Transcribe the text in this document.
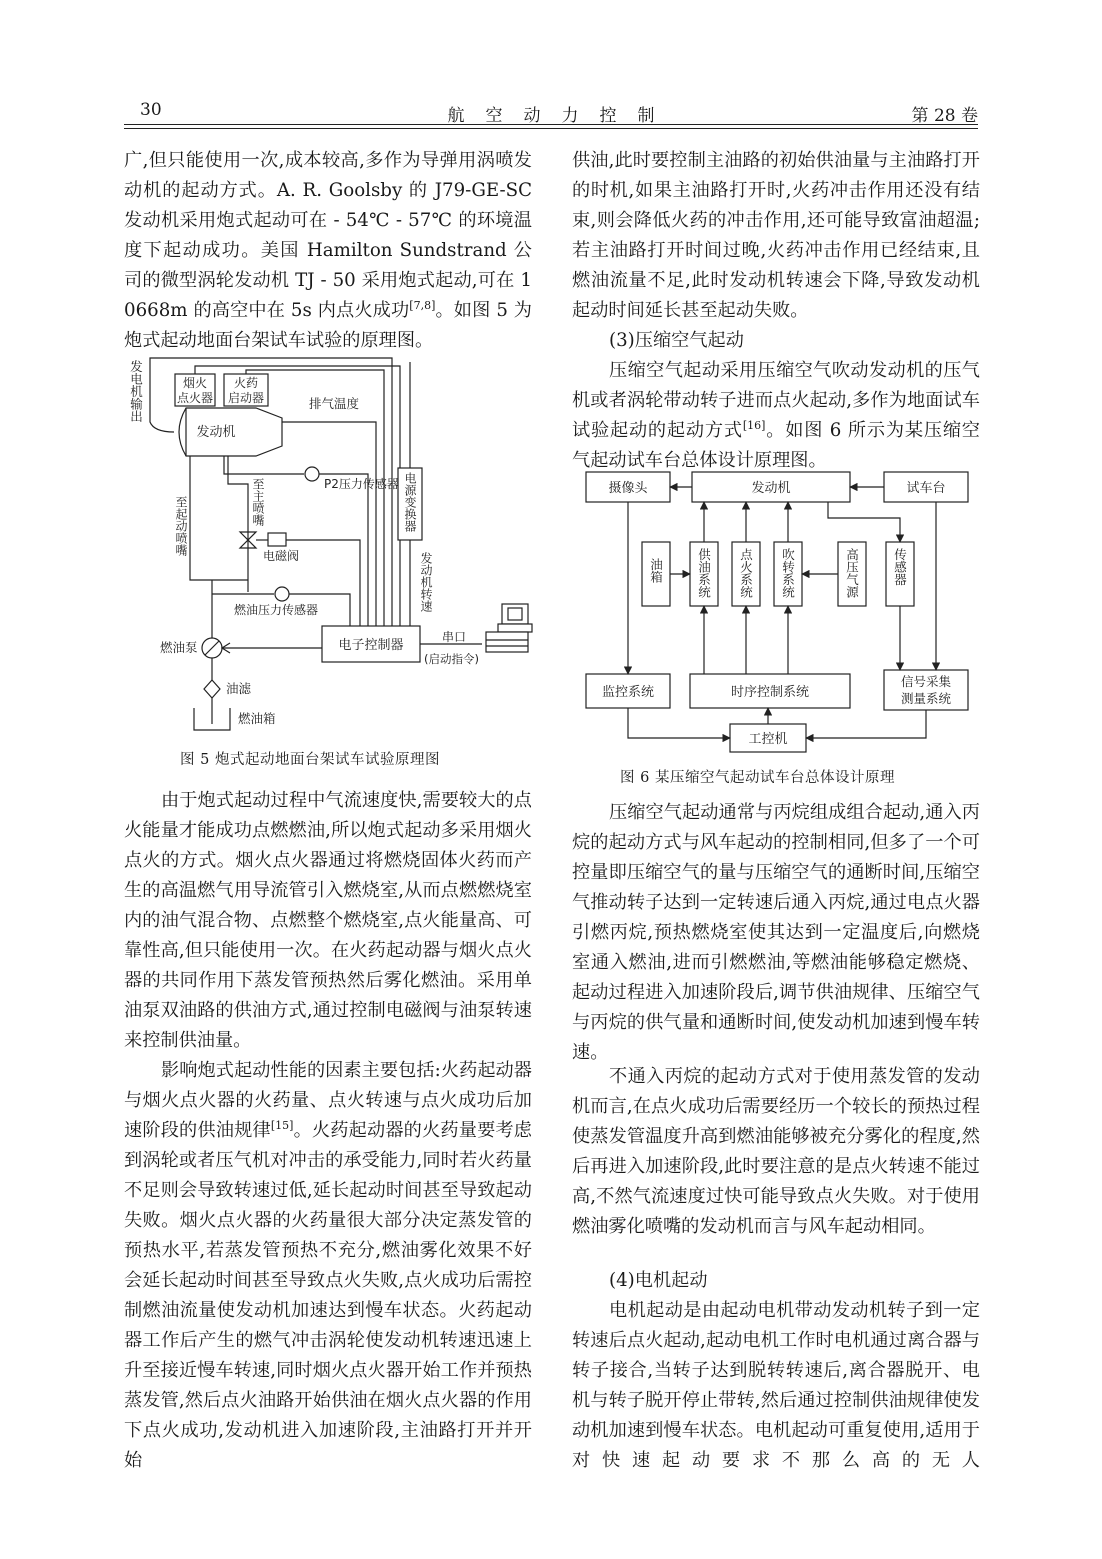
30	航空动力控制	第 28 卷

广,但只能使用一次,成本较高,多作为导弹用涡喷发动机的起动方式。A. R. Goolsby 的 J79-GE-SC 发动机采用炮式起动可在 - 54℃ - 57℃ 的环境温度下起动成功。美国 Hamilton Sundstrand 公司的微型涡轮发动机 TJ - 50 采用炮式起动,可在 10668m 的高空中在 5s 内点火成功[7,8]。如图 5 为炮式起动地面台架试车试验的原理图。

发电机输出	烟火
点火器
火药
启动器
发动机
排气温度
电源变换器
P2压力传感器
至主喷嘴
电磁阀
至起动喷嘴
发动机转速
燃油压力传感器
电子控制器
燃油泵
油滤
燃油箱
串口
(启动指令)
图 5 炮式起动地面台架试车试验原理图

由于炮式起动过程中气流速度快,需要较大的点火能量才能成功点燃燃油,所以炮式起动多采用烟火点火的方式。烟火点火器通过将燃烧固体火药而产生的高温燃气用导流管引入燃烧室,从而点燃燃烧室内的油气混合物、点燃整个燃烧室,点火能量高、可靠性高,但只能使用一次。在火药起动器与烟火点火器的共同作用下蒸发管预热然后雾化燃油。采用单油泵双油路的供油方式,通过控制电磁阀与油泵转速来控制供油量。

影响炮式起动性能的因素主要包括:火药起动器与烟火点火器的火药量、点火转速与点火成功后加速阶段的供油规律[15]。火药起动器的火药量要考虑到涡轮或者压气机对冲击的承受能力,同时若火药量不足则会导致转速过低,延长起动时间甚至导致起动失败。烟火点火器的火药量很大部分决定蒸发管的预热水平,若蒸发管预热不充分,燃油雾化效果不好会延长起动时间甚至导致点火失败,点火成功后需控制燃油流量使发动机加速达到慢车状态。火药起动器工作后产生的燃气冲击涡轮使发动机转速迅速上升至接近慢车转速,同时烟火点火器开始工作并预热蒸发管,然后点火油路开始供油在烟火点火器的作用下点火成功,发动机进入加速阶段,主油路打开并开始

供油,此时要控制主油路的初始供油量与主油路打开的时机,如果主油路打开时,火药冲击作用还没有结束,则会降低火药的冲击作用,还可能导致富油超温;若主油路打开时间过晚,火药冲击作用已经结束,且燃油流量不足,此时发动机转速会下降,导致发动机起动时间延长甚至起动失败。

(3)压缩空气起动

压缩空气起动采用压缩空气吹动发动机的压气机或者涡轮带动转子进而点火起动,多作为地面试车试验起动的起动方式[16]。如图 6 所示为某压缩空气起动试车台总体设计原理图。

摄像头	发动机	试车台
油箱	供油系统 点火系统 吹转系统	高压气源	传感器
监控系统	时序控制系统
信号采集
测量系统
工控机
图 6 某压缩空气起动试车台总体设计原理

压缩空气起动通常与丙烷组成组合起动,通入丙烷的起动方式与风车起动的控制相同,但多了一个可控量即压缩空气的量与压缩空气的通断时间,压缩空气推动转子达到一定转速后通入丙烷,通过电点火器引燃丙烷,预热燃烧室使其达到一定温度后,向燃烧室通入燃油,进而引燃燃油,等燃油能够稳定燃烧、起动过程进入加速阶段后,调节供油规律、压缩空气与丙烷的供气量和通断时间,使发动机加速到慢车转速。

不通入丙烷的起动方式对于使用蒸发管的发动机而言,在点火成功后需要经历一个较长的预热过程使蒸发管温度升高到燃油能够被充分雾化的程度,然后再进入加速阶段,此时要注意的是点火转速不能过高,不然气流速度过快可能导致点火失败。对于使用燃油雾化喷嘴的发动机而言与风车起动相同。

(4)电机起动

电机起动是由起动电机带动发动机转子到一定转速后点火起动,起动电机工作时电机通过离合器与转子接合,当转子达到脱转转速后,离合器脱开、电机与转子脱开停止带转,然后通过控制供油规律使发动机加速到慢车状态。电机起动可重复使用,适用于对快速起动要求不那么高的无人
